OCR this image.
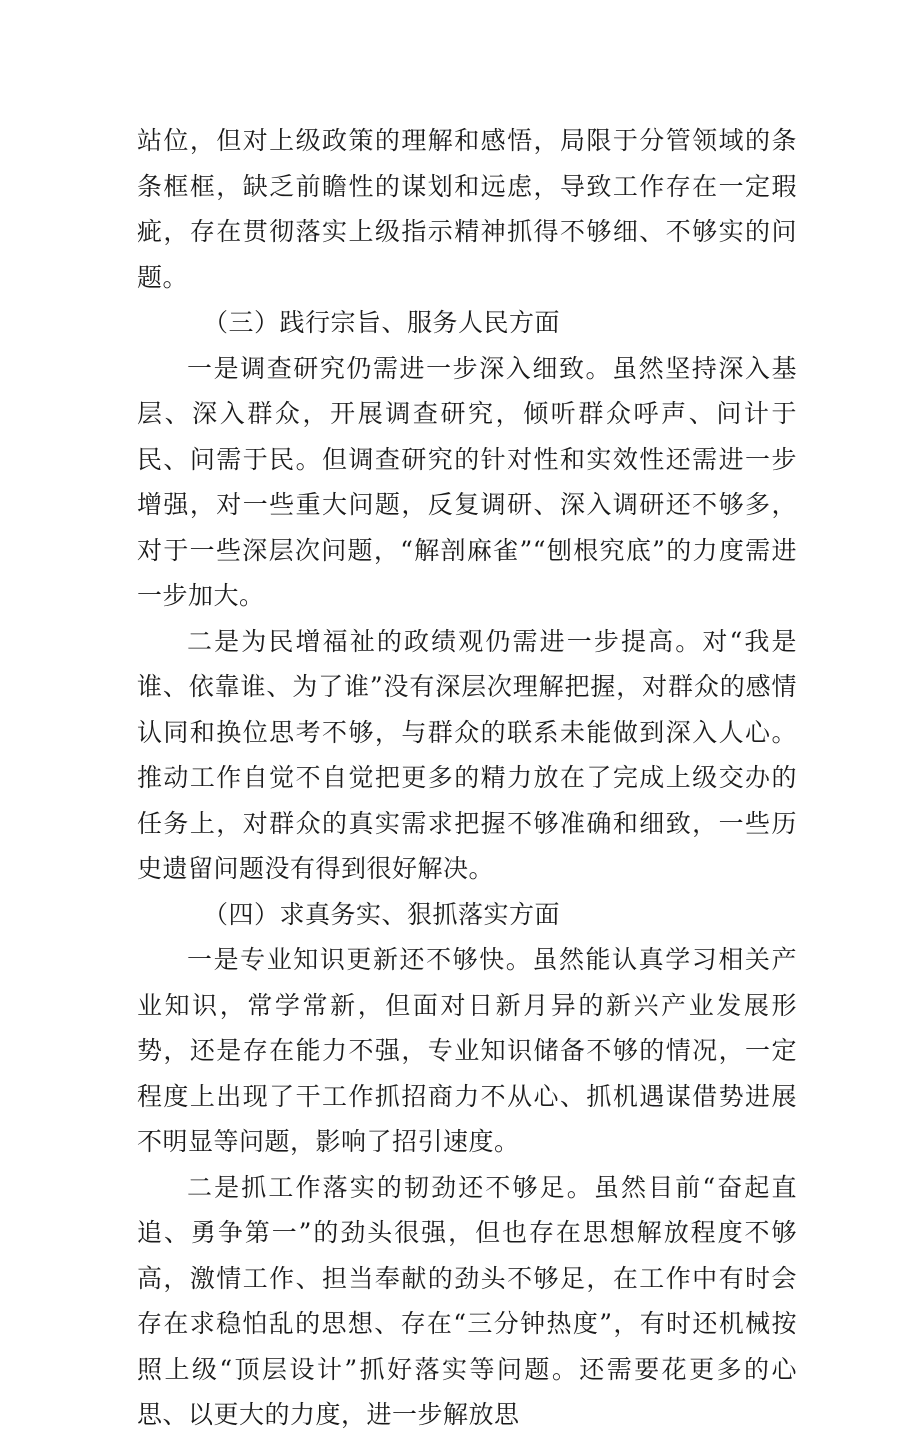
站位，但对上级政策的理解和感悟，局限于分管领域的条条框框，缺乏前瞻性的谋划和远虑，导致工作存在一定瑕疵，存在贯彻落实上级指示精神抓得不够细、不够实的问题。

（三）践行宗旨、服务人民方面

一是调查研究仍需进一步深入细致。虽然坚持深入基层、深入群众，开展调查研究，倾听群众呼声、问计于民、问需于民。但调查研究的针对性和实效性还需进一步增强，对一些重大问题，反复调研、深入调研还不够多，对于一些深层次问题，“解剖麻雀”“刨根究底”的力度需进一步加大。

二是为民增福祉的政绩观仍需进一步提高。对“我是谁、依靠谁、为了谁”没有深层次理解把握，对群众的感情认同和换位思考不够，与群众的联系未能做到深入人心。推动工作自觉不自觉把更多的精力放在了完成上级交办的任务上，对群众的真实需求把握不够准确和细致，一些历史遗留问题没有得到很好解决。

（四）求真务实、狠抓落实方面

一是专业知识更新还不够快。虽然能认真学习相关产业知识，常学常新，但面对日新月异的新兴产业发展形势，还是存在能力不强，专业知识储备不够的情况，一定程度上出现了干工作抓招商力不从心、抓机遇谋借势进展不明显等问题，影响了招引速度。

二是抓工作落实的韧劲还不够足。虽然目前“奋起直追、勇争第一”的劲头很强，但也存在思想解放程度不够高，激情工作、担当奉献的劲头不够足，在工作中有时会存在求稳怕乱的思想、存在“三分钟热度”，有时还机械按照上级“顶层设计”抓好落实等问题。还需要花更多的心思、以更大的力度，进一步解放思
